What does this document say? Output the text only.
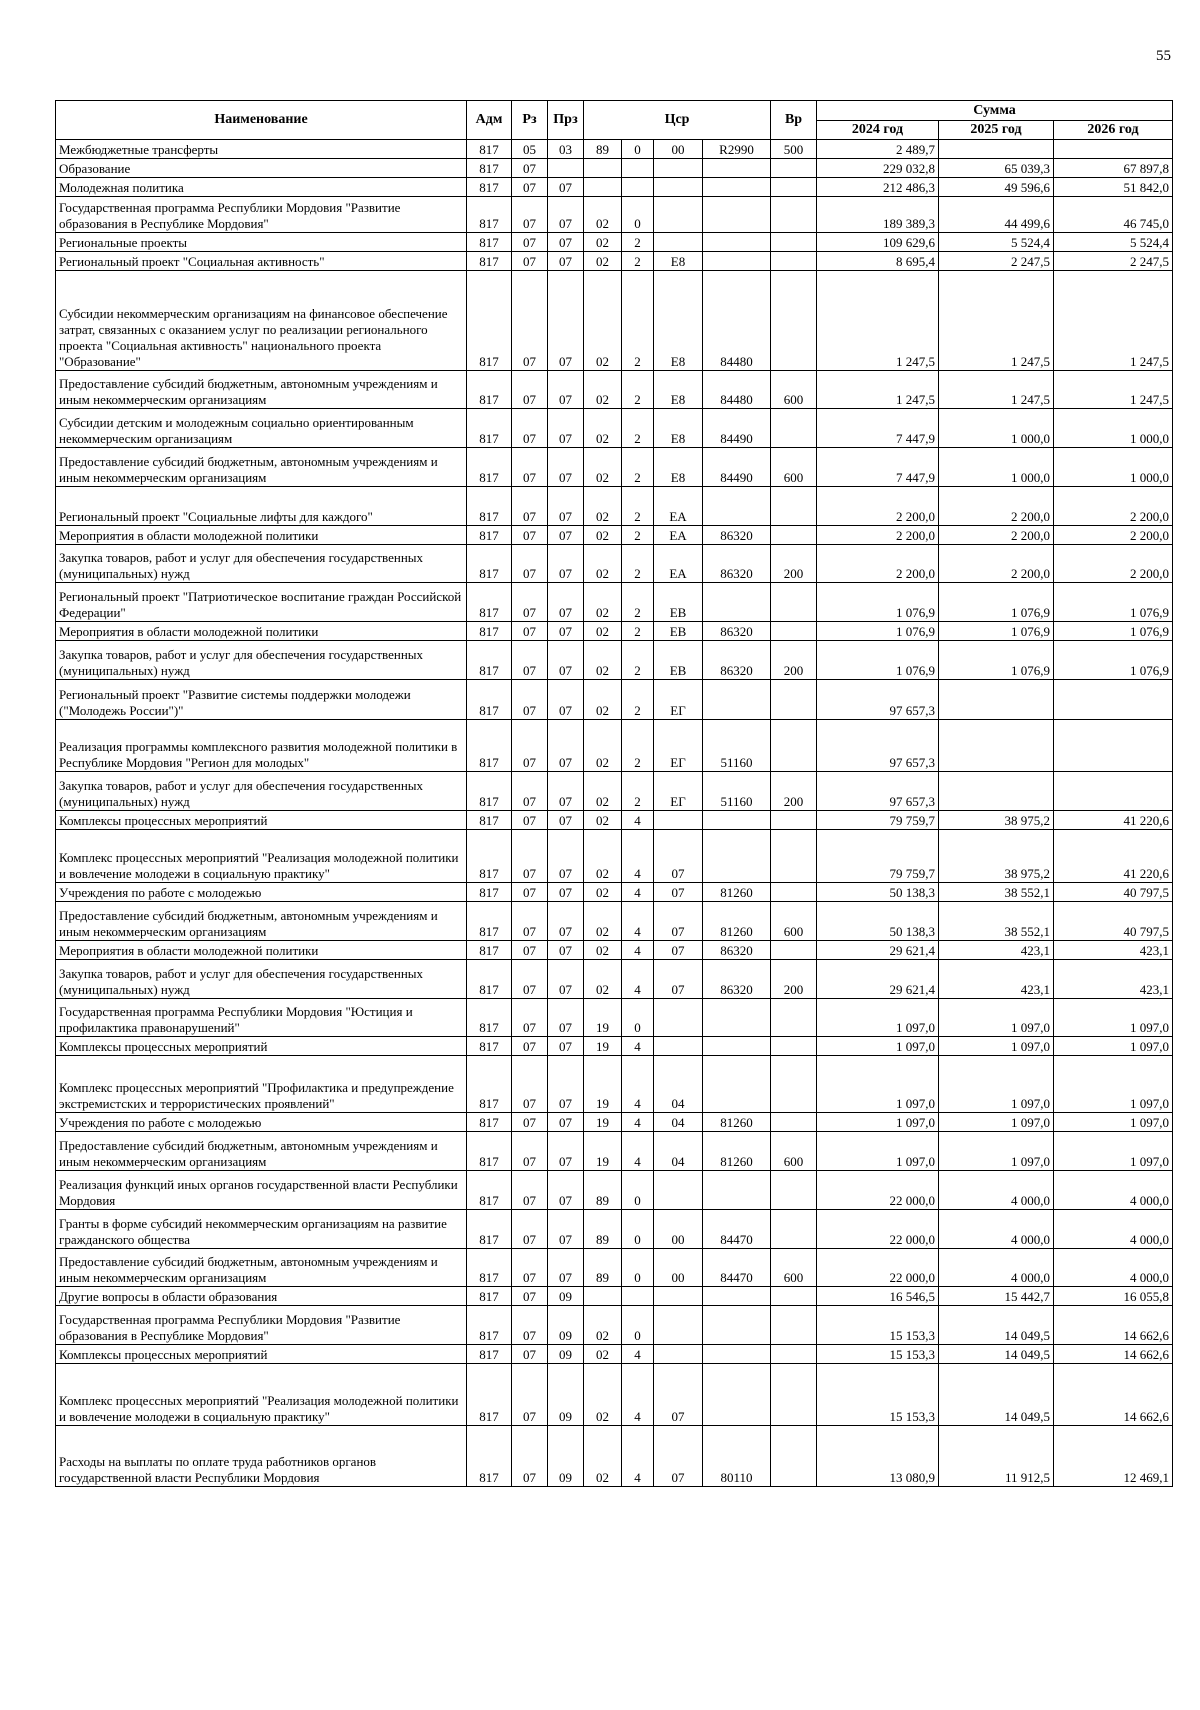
55
Наименование	Адм	Рз	Прз	Цср				Вр	Сумма		
									2024 год	2025 год	2026 год
Межбюджетные трансферты	817	05	03	89	0	00	R2990	500	2 489,7		
Образование	817	07							229 032,8	65 039,3	67 897,8
Молодежная политика	817	07	07						212 486,3	49 596,6	51 842,0
Государственная программа Республики Мордовия "Развитие образования в Республике Мордовия"	817	07	07	02	0				189 389,3	44 499,6	46 745,0
Региональные проекты	817	07	07	02	2				109 629,6	5 524,4	5 524,4
Региональный проект "Социальная активность"	817	07	07	02	2	Е8			8 695,4	2 247,5	2 247,5
Субсидии некоммерческим организациям на финансовое обеспечение затрат, связанных с оказанием услуг по реализации регионального проекта "Социальная активность" национального проекта "Образование"	817	07	07	02	2	Е8	84480		1 247,5	1 247,5	1 247,5
Предоставление субсидий бюджетным, автономным учреждениям и иным некоммерческим организациям	817	07	07	02	2	Е8	84480	600	1 247,5	1 247,5	1 247,5
Субсидии детским и молодежным социально ориентированным некоммерческим организациям	817	07	07	02	2	Е8	84490		7 447,9	1 000,0	1 000,0
Предоставление субсидий бюджетным, автономным учреждениям и иным некоммерческим организациям	817	07	07	02	2	Е8	84490	600	7 447,9	1 000,0	1 000,0
Региональный проект "Социальные лифты для каждого"	817	07	07	02	2	ЕА			2 200,0	2 200,0	2 200,0
Мероприятия в области молодежной политики	817	07	07	02	2	ЕА	86320		2 200,0	2 200,0	2 200,0
Закупка товаров, работ и услуг для обеспечения государственных (муниципальных) нужд	817	07	07	02	2	ЕА	86320	200	2 200,0	2 200,0	2 200,0
Региональный проект "Патриотическое воспитание граждан Российской Федерации"	817	07	07	02	2	ЕВ			1 076,9	1 076,9	1 076,9
Мероприятия в области молодежной политики	817	07	07	02	2	ЕВ	86320		1 076,9	1 076,9	1 076,9
Закупка товаров, работ и услуг для обеспечения государственных (муниципальных) нужд	817	07	07	02	2	ЕВ	86320	200	1 076,9	1 076,9	1 076,9
Региональный проект "Развитие системы поддержки молодежи ("Молодежь России")"	817	07	07	02	2	ЕГ			97 657,3		
Реализация программы комплексного развития молодежной политики в Республике Мордовия "Регион для молодых"	817	07	07	02	2	ЕГ	51160		97 657,3		
Закупка товаров, работ и услуг для обеспечения государственных (муниципальных) нужд	817	07	07	02	2	ЕГ	51160	200	97 657,3		
Комплексы процессных мероприятий	817	07	07	02	4				79 759,7	38 975,2	41 220,6
Комплекс процессных мероприятий "Реализация молодежной политики и вовлечение молодежи в социальную практику"	817	07	07	02	4	07			79 759,7	38 975,2	41 220,6
Учреждения по работе с молодежью	817	07	07	02	4	07	81260		50 138,3	38 552,1	40 797,5
Предоставление субсидий бюджетным, автономным учреждениям и иным некоммерческим организациям	817	07	07	02	4	07	81260	600	50 138,3	38 552,1	40 797,5
Мероприятия в области молодежной политики	817	07	07	02	4	07	86320		29 621,4	423,1	423,1
Закупка товаров, работ и услуг для обеспечения государственных (муниципальных) нужд	817	07	07	02	4	07	86320	200	29 621,4	423,1	423,1
Государственная программа Республики Мордовия "Юстиция и профилактика правонарушений"	817	07	07	19	0				1 097,0	1 097,0	1 097,0
Комплексы процессных мероприятий	817	07	07	19	4				1 097,0	1 097,0	1 097,0
Комплекс процессных мероприятий "Профилактика и предупреждение экстремистских и террористических проявлений"	817	07	07	19	4	04			1 097,0	1 097,0	1 097,0
Учреждения по работе с молодежью	817	07	07	19	4	04	81260		1 097,0	1 097,0	1 097,0
Предоставление субсидий бюджетным, автономным учреждениям и иным некоммерческим организациям	817	07	07	19	4	04	81260	600	1 097,0	1 097,0	1 097,0
Реализация функций иных органов государственной власти Республики Мордовия	817	07	07	89	0				22 000,0	4 000,0	4 000,0
Гранты в форме субсидий некоммерческим организациям на развитие гражданского общества	817	07	07	89	0	00	84470		22 000,0	4 000,0	4 000,0
Предоставление субсидий бюджетным, автономным учреждениям и иным некоммерческим организациям	817	07	07	89	0	00	84470	600	22 000,0	4 000,0	4 000,0
Другие вопросы в области образования	817	07	09						16 546,5	15 442,7	16 055,8
Государственная программа Республики Мордовия "Развитие образования в Республике Мордовия"	817	07	09	02	0				15 153,3	14 049,5	14 662,6
Комплексы процессных мероприятий	817	07	09	02	4				15 153,3	14 049,5	14 662,6
Комплекс процессных мероприятий "Реализация молодежной политики и вовлечение молодежи в социальную практику"	817	07	09	02	4	07			15 153,3	14 049,5	14 662,6
Расходы на выплаты по оплате труда работников органов государственной власти Республики Мордовия	817	07	09	02	4	07	80110		13 080,9	11 912,5	12 469,1
